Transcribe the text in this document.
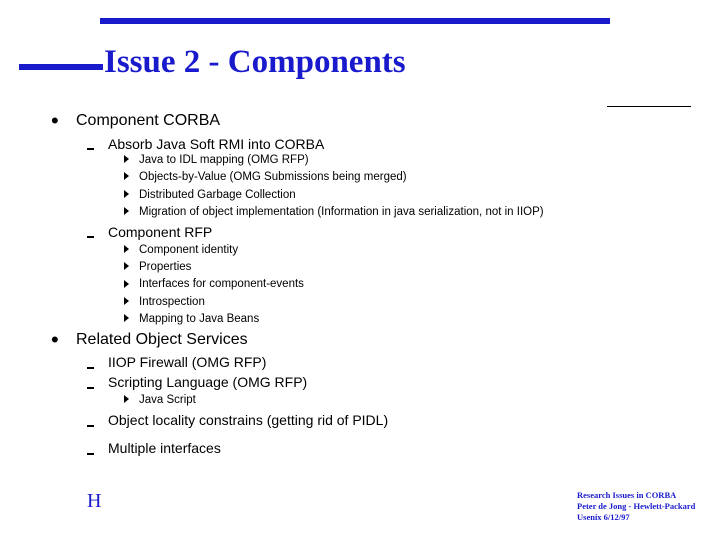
Issue 2 - Components
• Component CORBA
Absorb Java Soft RMI into CORBA
Java to IDL mapping (OMG RFP)
Objects-by-Value (OMG Submissions being merged)
Distributed Garbage Collection
Migration of object implementation (Information in java serialization, not in IIOP)
Component RFP
Component identity
Properties
Interfaces for component-events
Introspection
Mapping to Java Beans
• Related Object Services
IIOP Firewall (OMG RFP)
Scripting Language (OMG RFP)
Java Script
Object locality constrains (getting rid of PIDL)
Multiple interfaces
H	Research Issues in CORBA
Peter de Jong - Hewlett-Packard
Usenix 6/12/97
